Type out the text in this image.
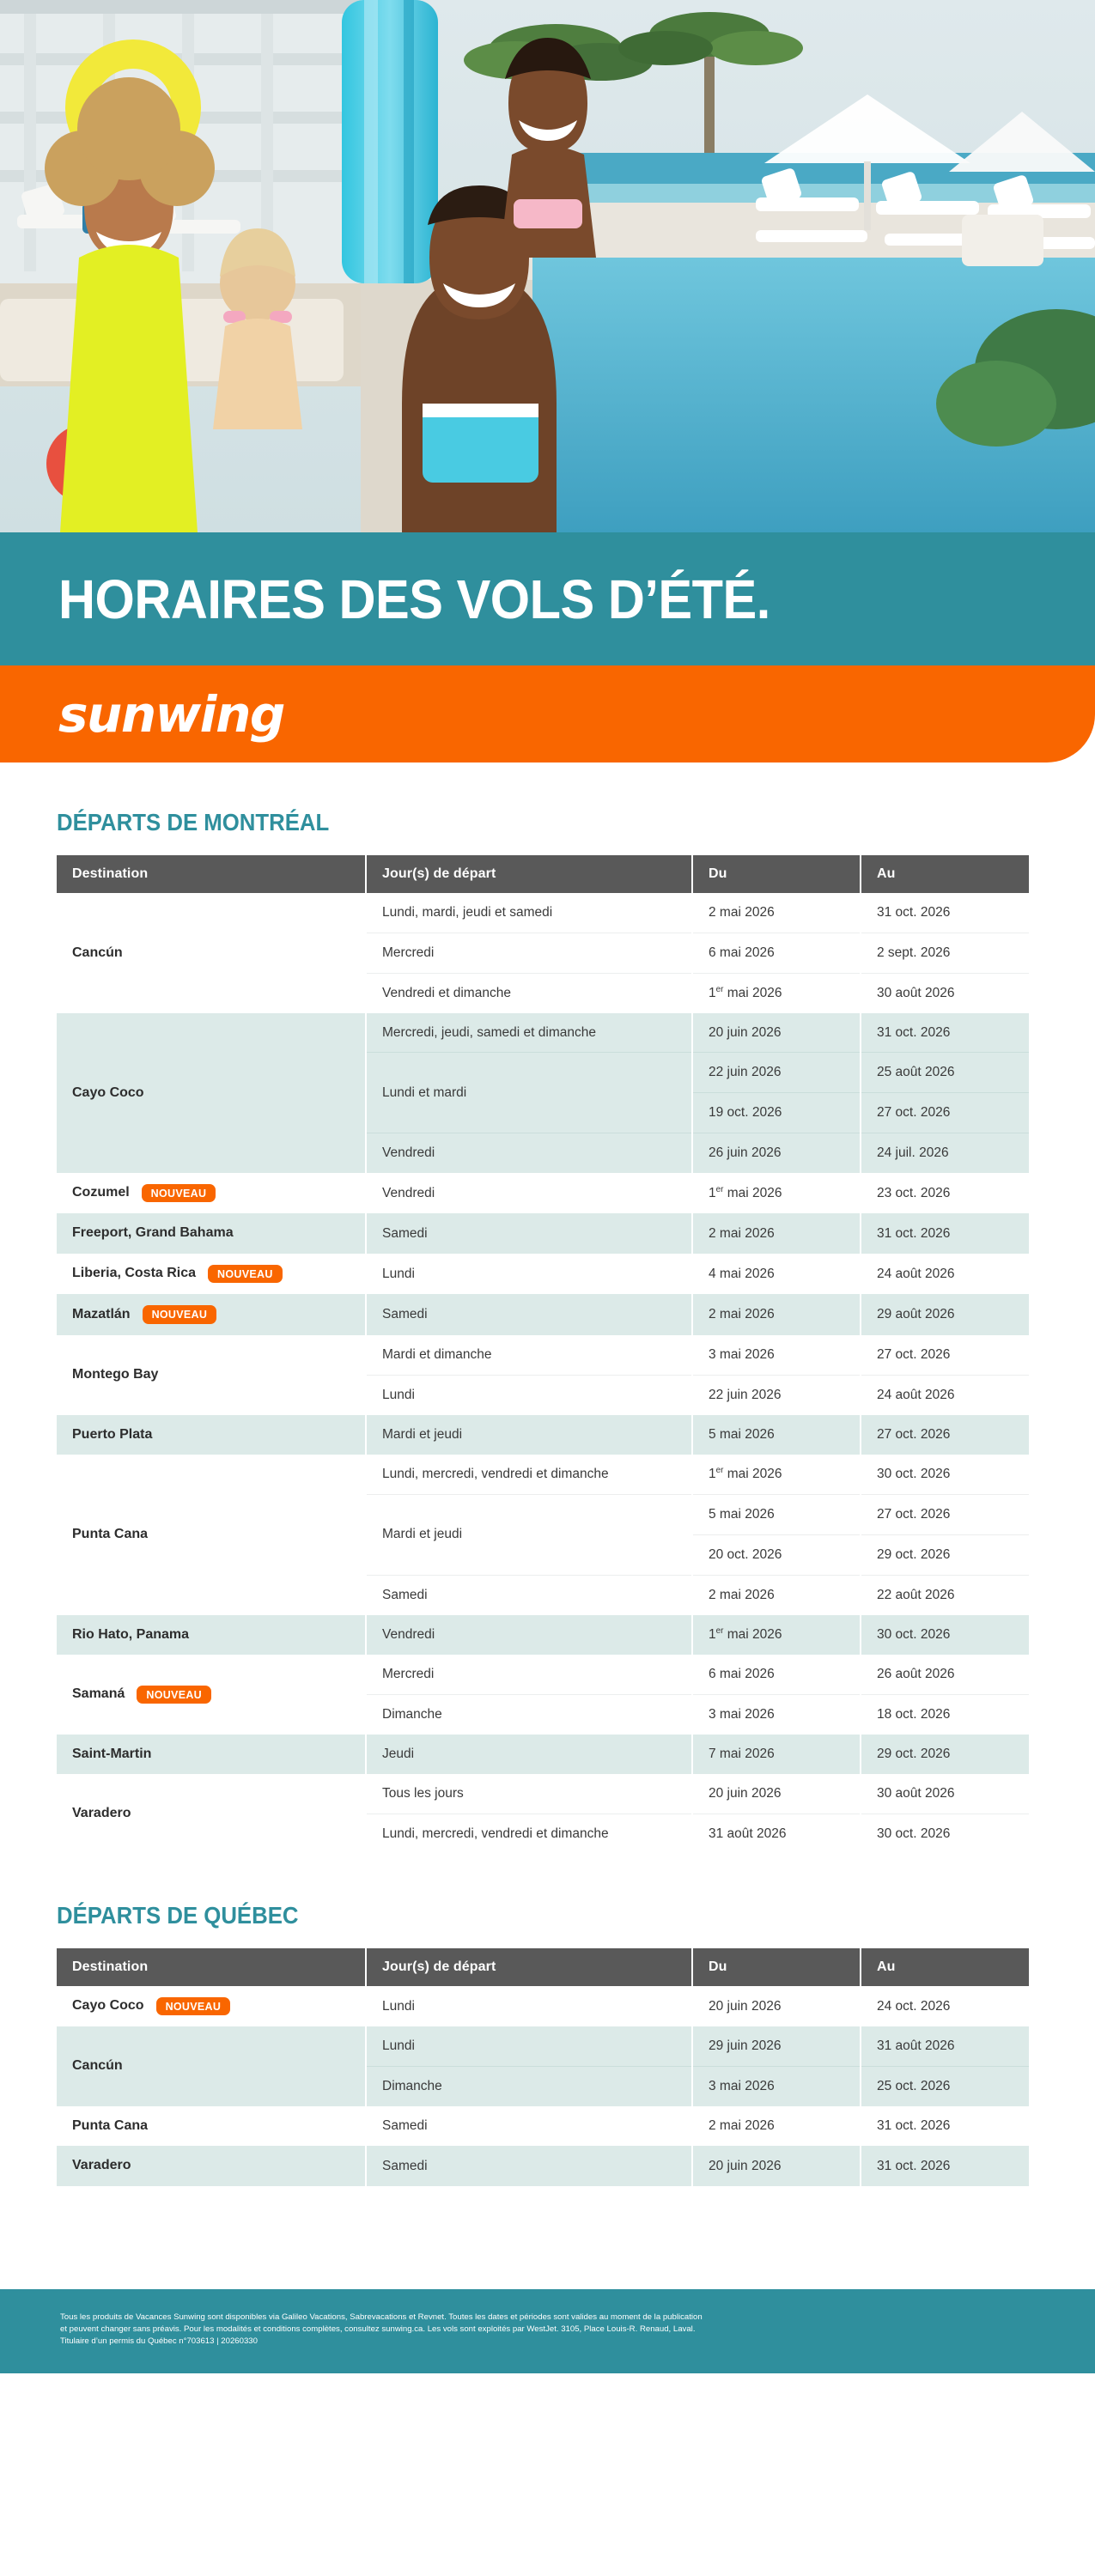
HORAIRES DES VOLS D’ÉTÉ.
sunwing
DÉPARTS DE MONTRÉAL
Destination	Jour(s) de départ	Du	Au

Cancún	Lundi, mardi, jeudi et samedi	2 mai 2026	31 oct. 2026
	Mercredi	6 mai 2026	2 sept. 2026
	Vendredi et dimanche	1er mai 2026	30 août 2026

Cayo Coco	Mercredi, jeudi, samedi et dimanche	20 juin 2026	31 oct. 2026
	Lundi et mardi	22 juin 2026	25 août 2026
		19 oct. 2026	27 oct. 2026
	Vendredi	26 juin 2026	24 juil. 2026

Cozumel NOUVEAU	Vendredi	1er mai 2026	23 oct. 2026

Freeport, Grand Bahama	Samedi	2 mai 2026	31 oct. 2026

Liberia, Costa Rica NOUVEAU	Lundi	4 mai 2026	24 août 2026

Mazatlán NOUVEAU	Samedi	2 mai 2026	29 août 2026

Montego Bay	Mardi et dimanche	3 mai 2026	27 oct. 2026
	Lundi	22 juin 2026	24 août 2026

Puerto Plata	Mardi et jeudi	5 mai 2026	27 oct. 2026

Punta Cana	Lundi, mercredi, vendredi et dimanche	1er mai 2026	30 oct. 2026
	Mardi et jeudi	5 mai 2026	27 oct. 2026
		20 oct. 2026	29 oct. 2026
	Samedi	2 mai 2026	22 août 2026

Rio Hato, Panama	Vendredi	1er mai 2026	30 oct. 2026

Samaná NOUVEAU	Mercredi	6 mai 2026	26 août 2026
	Dimanche	3 mai 2026	18 oct. 2026

Saint-Martin	Jeudi	7 mai 2026	29 oct. 2026

Varadero	Tous les jours	20 juin 2026	30 août 2026
	Lundi, mercredi, vendredi et dimanche	31 août 2026	30 oct. 2026
DÉPARTS DE QUÉBEC
Destination	Jour(s) de départ	Du	Au

Cayo Coco NOUVEAU	Lundi	20 juin 2026	24 oct. 2026

Cancún	Lundi	29 juin 2026	31 août 2026
	Dimanche	3 mai 2026	25 oct. 2026

Punta Cana	Samedi	2 mai 2026	31 oct. 2026

Varadero	Samedi	20 juin 2026	31 oct. 2026

Tous les produits de Vacances Sunwing sont disponibles via Galileo Vacations, Sabrevacations et Revnet. Toutes les dates et périodes sont valides au moment de la publication

et peuvent changer sans préavis. Pour les modalités et conditions complètes, consultez sunwing.ca. Les vols sont exploités par WestJet. 3105, Place Louis-R. Renaud, Laval.

Titulaire d’un permis du Québec n°703613 | 20260330
